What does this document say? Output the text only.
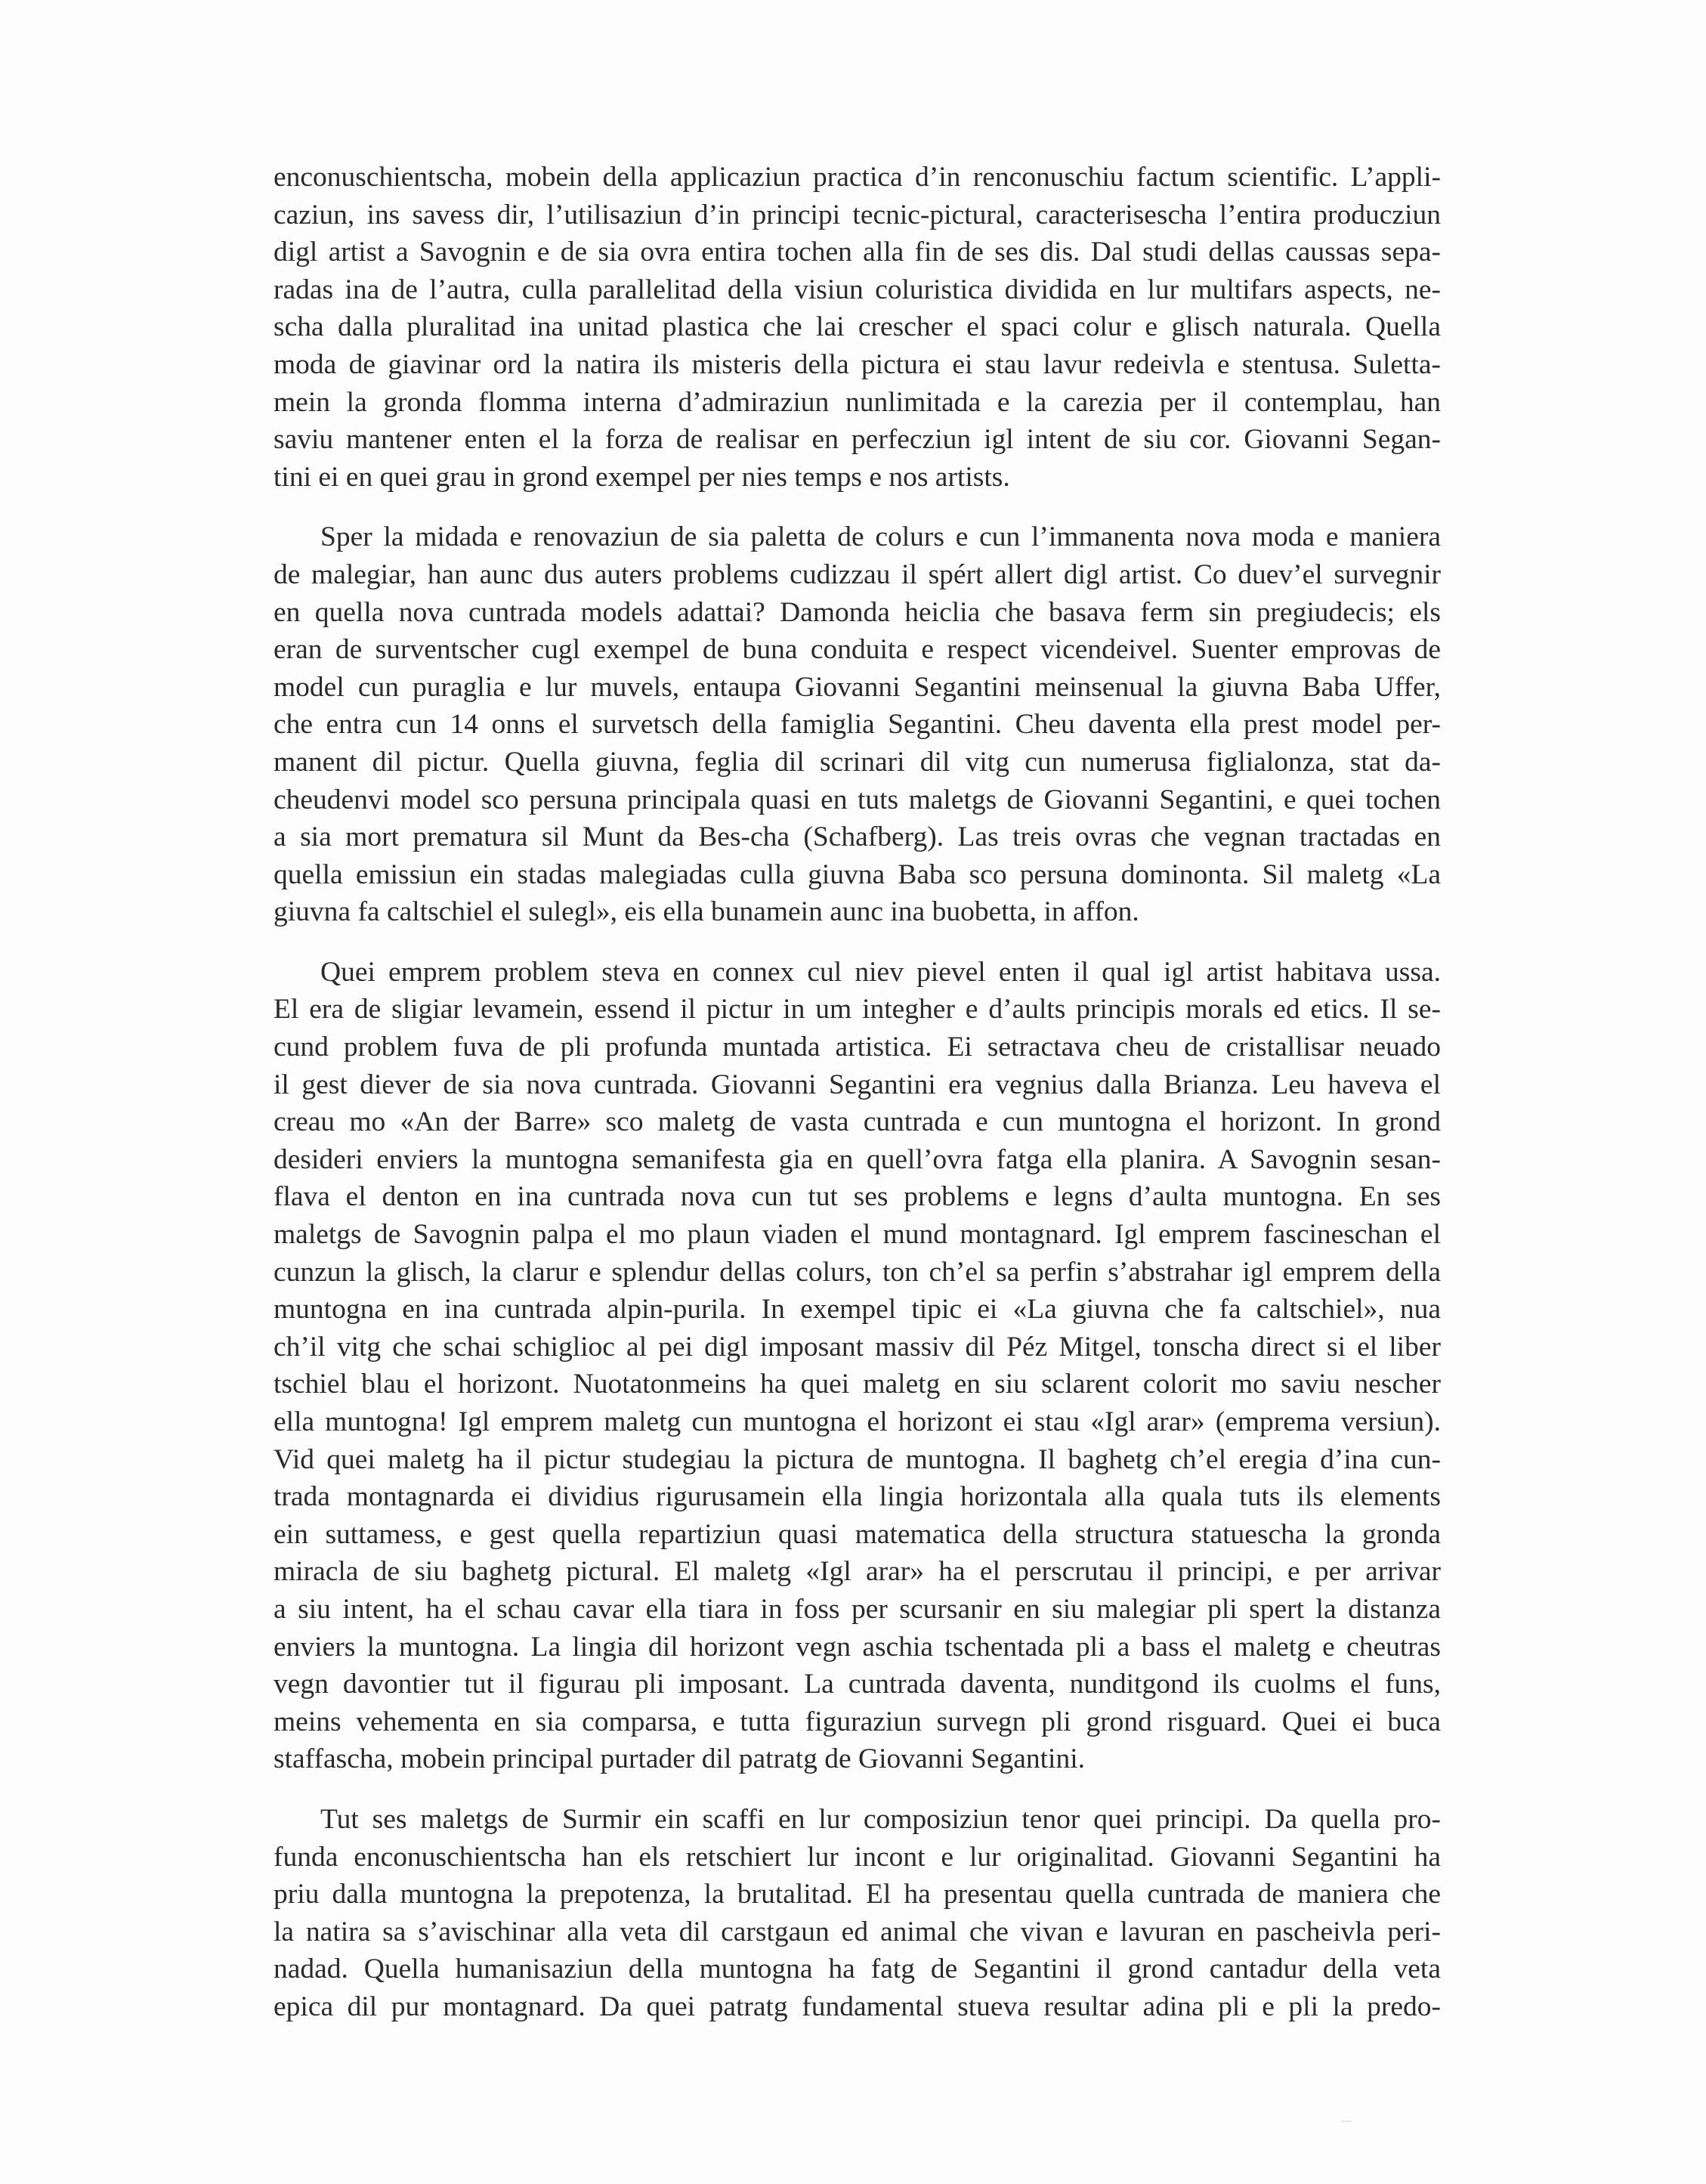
enconuschientscha, mobein della applicaziun practica d’in renconuschiu factum scientific. L’appli-
caziun, ins savess dir, l’utilisaziun d’in principi tecnic-pictural, caracterisescha l’entira producziun
digl artist a Savognin e de sia ovra entira tochen alla fin de ses dis. Dal studi dellas caussas sepa-
radas ina de l’autra, culla parallelitad della visiun coluristica dividida en lur multifars aspects, ne-
scha dalla pluralitad ina unitad plastica che lai crescher el spaci colur e glisch naturala. Quella
moda de giavinar ord la natira ils misteris della pictura ei stau lavur redeivla e stentusa. Suletta-
mein la gronda flomma interna d’admiraziun nunlimitada e la carezia per il contemplau, han
saviu mantener enten el la forza de realisar en perfecziun igl intent de siu cor. Giovanni Segan-
tini ei en quei grau in grond exempel per nies temps e nos artists.
Sper la midada e renovaziun de sia paletta de colurs e cun l’immanenta nova moda e maniera
de malegiar, han aunc dus auters problems cudizzau il spért allert digl artist. Co duev’el survegnir
en quella nova cuntrada models adattai? Damonda heiclia che basava ferm sin pregiudecis; els
eran de surventscher cugl exempel de buna conduita e respect vicendeivel. Suenter emprovas de
model cun puraglia e lur muvels, entaupa Giovanni Segantini meinsenual la giuvna Baba Uffer,
che entra cun 14 onns el survetsch della famiglia Segantini. Cheu daventa ella prest model per-
manent dil pictur. Quella giuvna, feglia dil scrinari dil vitg cun numerusa figlialonza, stat da-
cheudenvi model sco persuna principala quasi en tuts maletgs de Giovanni Segantini, e quei tochen
a sia mort prematura sil Munt da Bes-cha (Schafberg). Las treis ovras che vegnan tractadas en
quella emissiun ein stadas malegiadas culla giuvna Baba sco persuna dominonta. Sil maletg «La
giuvna fa caltschiel el sulegl», eis ella bunamein aunc ina buobetta, in affon.
Quei emprem problem steva en connex cul niev pievel enten il qual igl artist habitava ussa.
El era de sligiar levamein, essend il pictur in um integher e d’aults principis morals ed etics. Il se-
cund problem fuva de pli profunda muntada artistica. Ei setractava cheu de cristallisar neuado
il gest diever de sia nova cuntrada. Giovanni Segantini era vegnius dalla Brianza. Leu haveva el
creau mo «An der Barre» sco maletg de vasta cuntrada e cun muntogna el horizont. In grond
desideri enviers la muntogna semanifesta gia en quell’ovra fatga ella planira. A Savognin sesan-
flava el denton en ina cuntrada nova cun tut ses problems e legns d’aulta muntogna. En ses
maletgs de Savognin palpa el mo plaun viaden el mund montagnard. Igl emprem fascineschan el
cunzun la glisch, la clarur e splendur dellas colurs, ton ch’el sa perfin s’abstrahar igl emprem della
muntogna en ina cuntrada alpin-purila. In exempel tipic ei «La giuvna che fa caltschiel», nua
ch’il vitg che schai schiglioc al pei digl imposant massiv dil Péz Mitgel, tonscha direct si el liber
tschiel blau el horizont. Nuotatonmeins ha quei maletg en siu sclarent colorit mo saviu nescher
ella muntogna! Igl emprem maletg cun muntogna el horizont ei stau «Igl arar» (emprema versiun).
Vid quei maletg ha il pictur studegiau la pictura de muntogna. Il baghetg ch’el eregia d’ina cun-
trada montagnarda ei dividius rigurusamein ella lingia horizontala alla quala tuts ils elements
ein suttamess, e gest quella repartiziun quasi matematica della structura statuescha la gronda
miracla de siu baghetg pictural. El maletg «Igl arar» ha el perscrutau il principi, e per arrivar
a siu intent, ha el schau cavar ella tiara in foss per scursanir en siu malegiar pli spert la distanza
enviers la muntogna. La lingia dil horizont vegn aschia tschentada pli a bass el maletg e cheutras
vegn davontier tut il figurau pli imposant. La cuntrada daventa, nunditgond ils cuolms el funs,
meins vehementa en sia comparsa, e tutta figuraziun survegn pli grond risguard. Quei ei buca
staffascha, mobein principal purtader dil patratg de Giovanni Segantini.
Tut ses maletgs de Surmir ein scaffi en lur composiziun tenor quei principi. Da quella pro-
funda enconuschientscha han els retschiert lur incont e lur originalitad. Giovanni Segantini ha
priu dalla muntogna la prepotenza, la brutalitad. El ha presentau quella cuntrada de maniera che
la natira sa s’avischinar alla veta dil carstgaun ed animal che vivan e lavuran en pascheivla peri-
nadad. Quella humanisaziun della muntogna ha fatg de Segantini il grond cantadur della veta
epica dil pur montagnard. Da quei patratg fundamental stueva resultar adina pli e pli la predo-
